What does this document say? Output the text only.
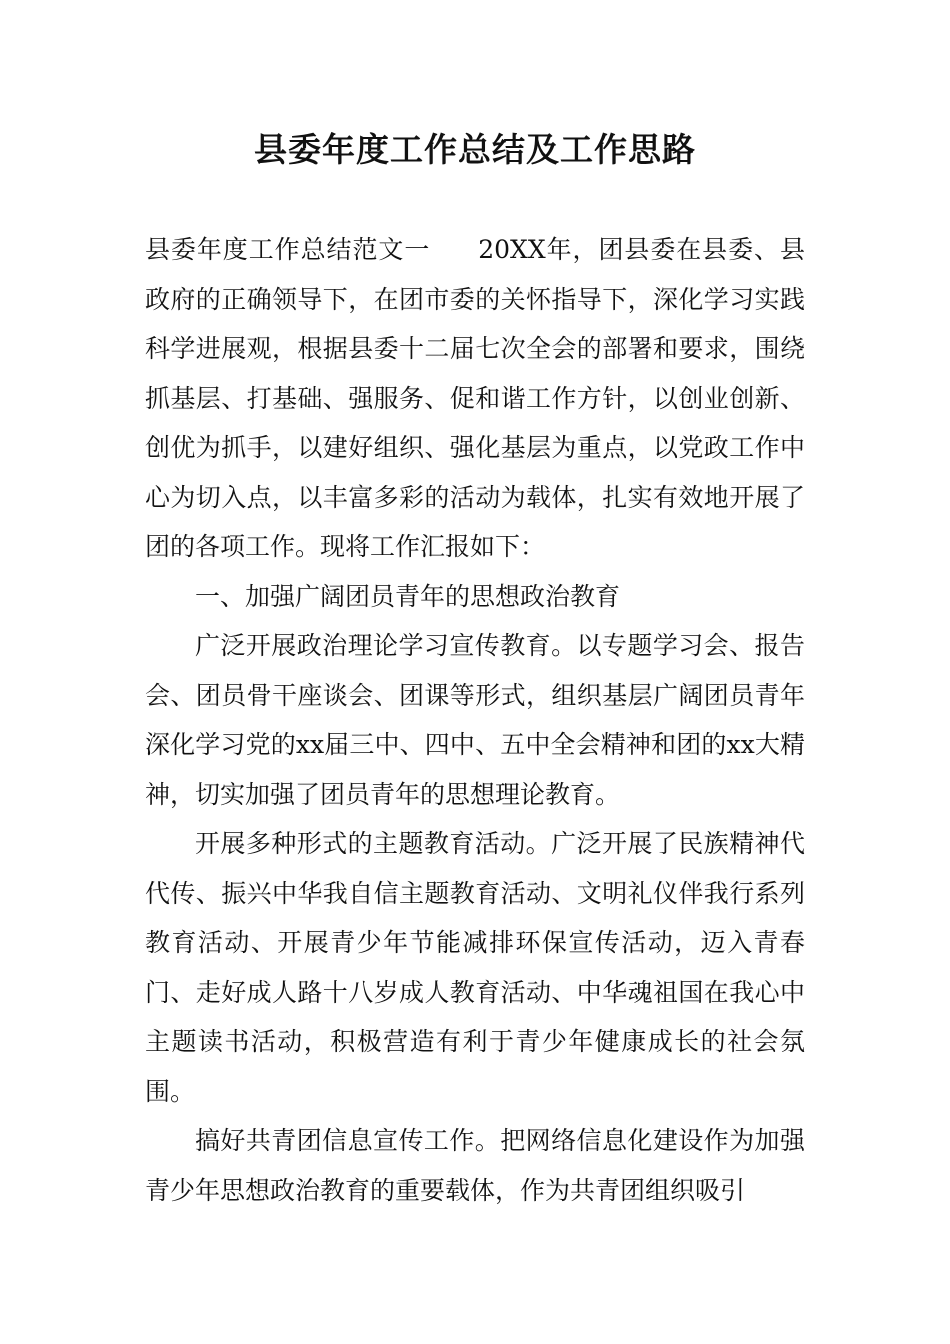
县委年度工作总结及工作思路

县委年度工作总结范文一 20XX年，团县委在县委、县政府的正确领导下，在团市委的关怀指导下，深化学习实践科学进展观，根据县委十二届七次全会的部署和要求，围绕抓基层、打基础、强服务、促和谐工作方针，以创业创新、创优为抓手，以建好组织、强化基层为重点，以党政工作中心为切入点，以丰富多彩的活动为载体，扎实有效地开展了团的各项工作。现将工作汇报如下：

一、加强广阔团员青年的思想政治教育

广泛开展政治理论学习宣传教育。以专题学习会、报告会、团员骨干座谈会、团课等形式，组织基层广阔团员青年深化学习党的xx届三中、四中、五中全会精神和团的xx大精神，切实加强了团员青年的思想理论教育。

开展多种形式的主题教育活动。广泛开展了民族精神代代传、振兴中华我自信主题教育活动、文明礼仪伴我行系列教育活动、开展青少年节能减排环保宣传活动，迈入青春门、走好成人路十八岁成人教育活动、中华魂祖国在我心中主题读书活动，积极营造有利于青少年健康成长的社会氛围。

搞好共青团信息宣传工作。把网络信息化建设作为加强青少年思想政治教育的重要载体，作为共青团组织吸引
